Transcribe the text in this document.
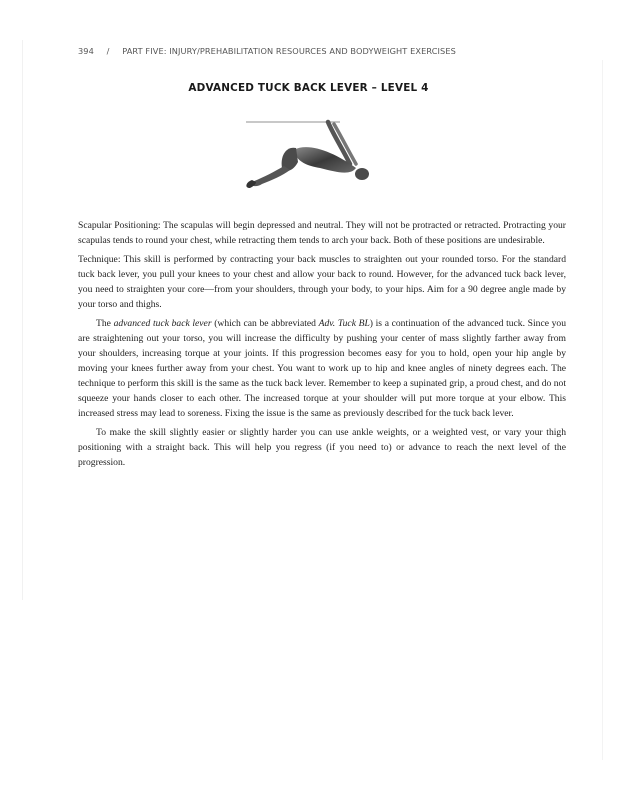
394 / PART FIVE: INJURY/PREHABILITATION RESOURCES AND BODYWEIGHT EXERCISES
ADVANCED TUCK BACK LEVER – LEVEL 4

Scapular Positioning: The scapulas will begin depressed and neutral. They will not be protracted or retracted. Protracting your scapulas tends to round your chest, while retracting them tends to arch your back. Both of these positions are undesirable.

Technique: This skill is performed by contracting your back muscles to straighten out your rounded torso. For the standard tuck back lever, you pull your knees to your chest and allow your back to round. However, for the advanced tuck back lever, you need to straighten your core—from your shoulders, through your body, to your hips. Aim for a 90 degree angle made by your torso and thighs.

The advanced tuck back lever (which can be abbreviated Adv. Tuck BL) is a continuation of the advanced tuck. Since you are straightening out your torso, you will increase the difficulty by pushing your center of mass slightly farther away from your shoulders, increasing torque at your joints. If this progression becomes easy for you to hold, open your hip angle by moving your knees further away from your chest. You want to work up to hip and knee angles of ninety degrees each. The technique to perform this skill is the same as the tuck back lever. Remember to keep a supinated grip, a proud chest, and do not squeeze your hands closer to each other. The increased torque at your shoulder will put more torque at your elbow. This increased stress may lead to soreness. Fixing the issue is the same as previously described for the tuck back lever.

To make the skill slightly easier or slightly harder you can use ankle weights, or a weighted vest, or vary your thigh positioning with a straight back. This will help you regress (if you need to) or advance to reach the next level of the progression.
